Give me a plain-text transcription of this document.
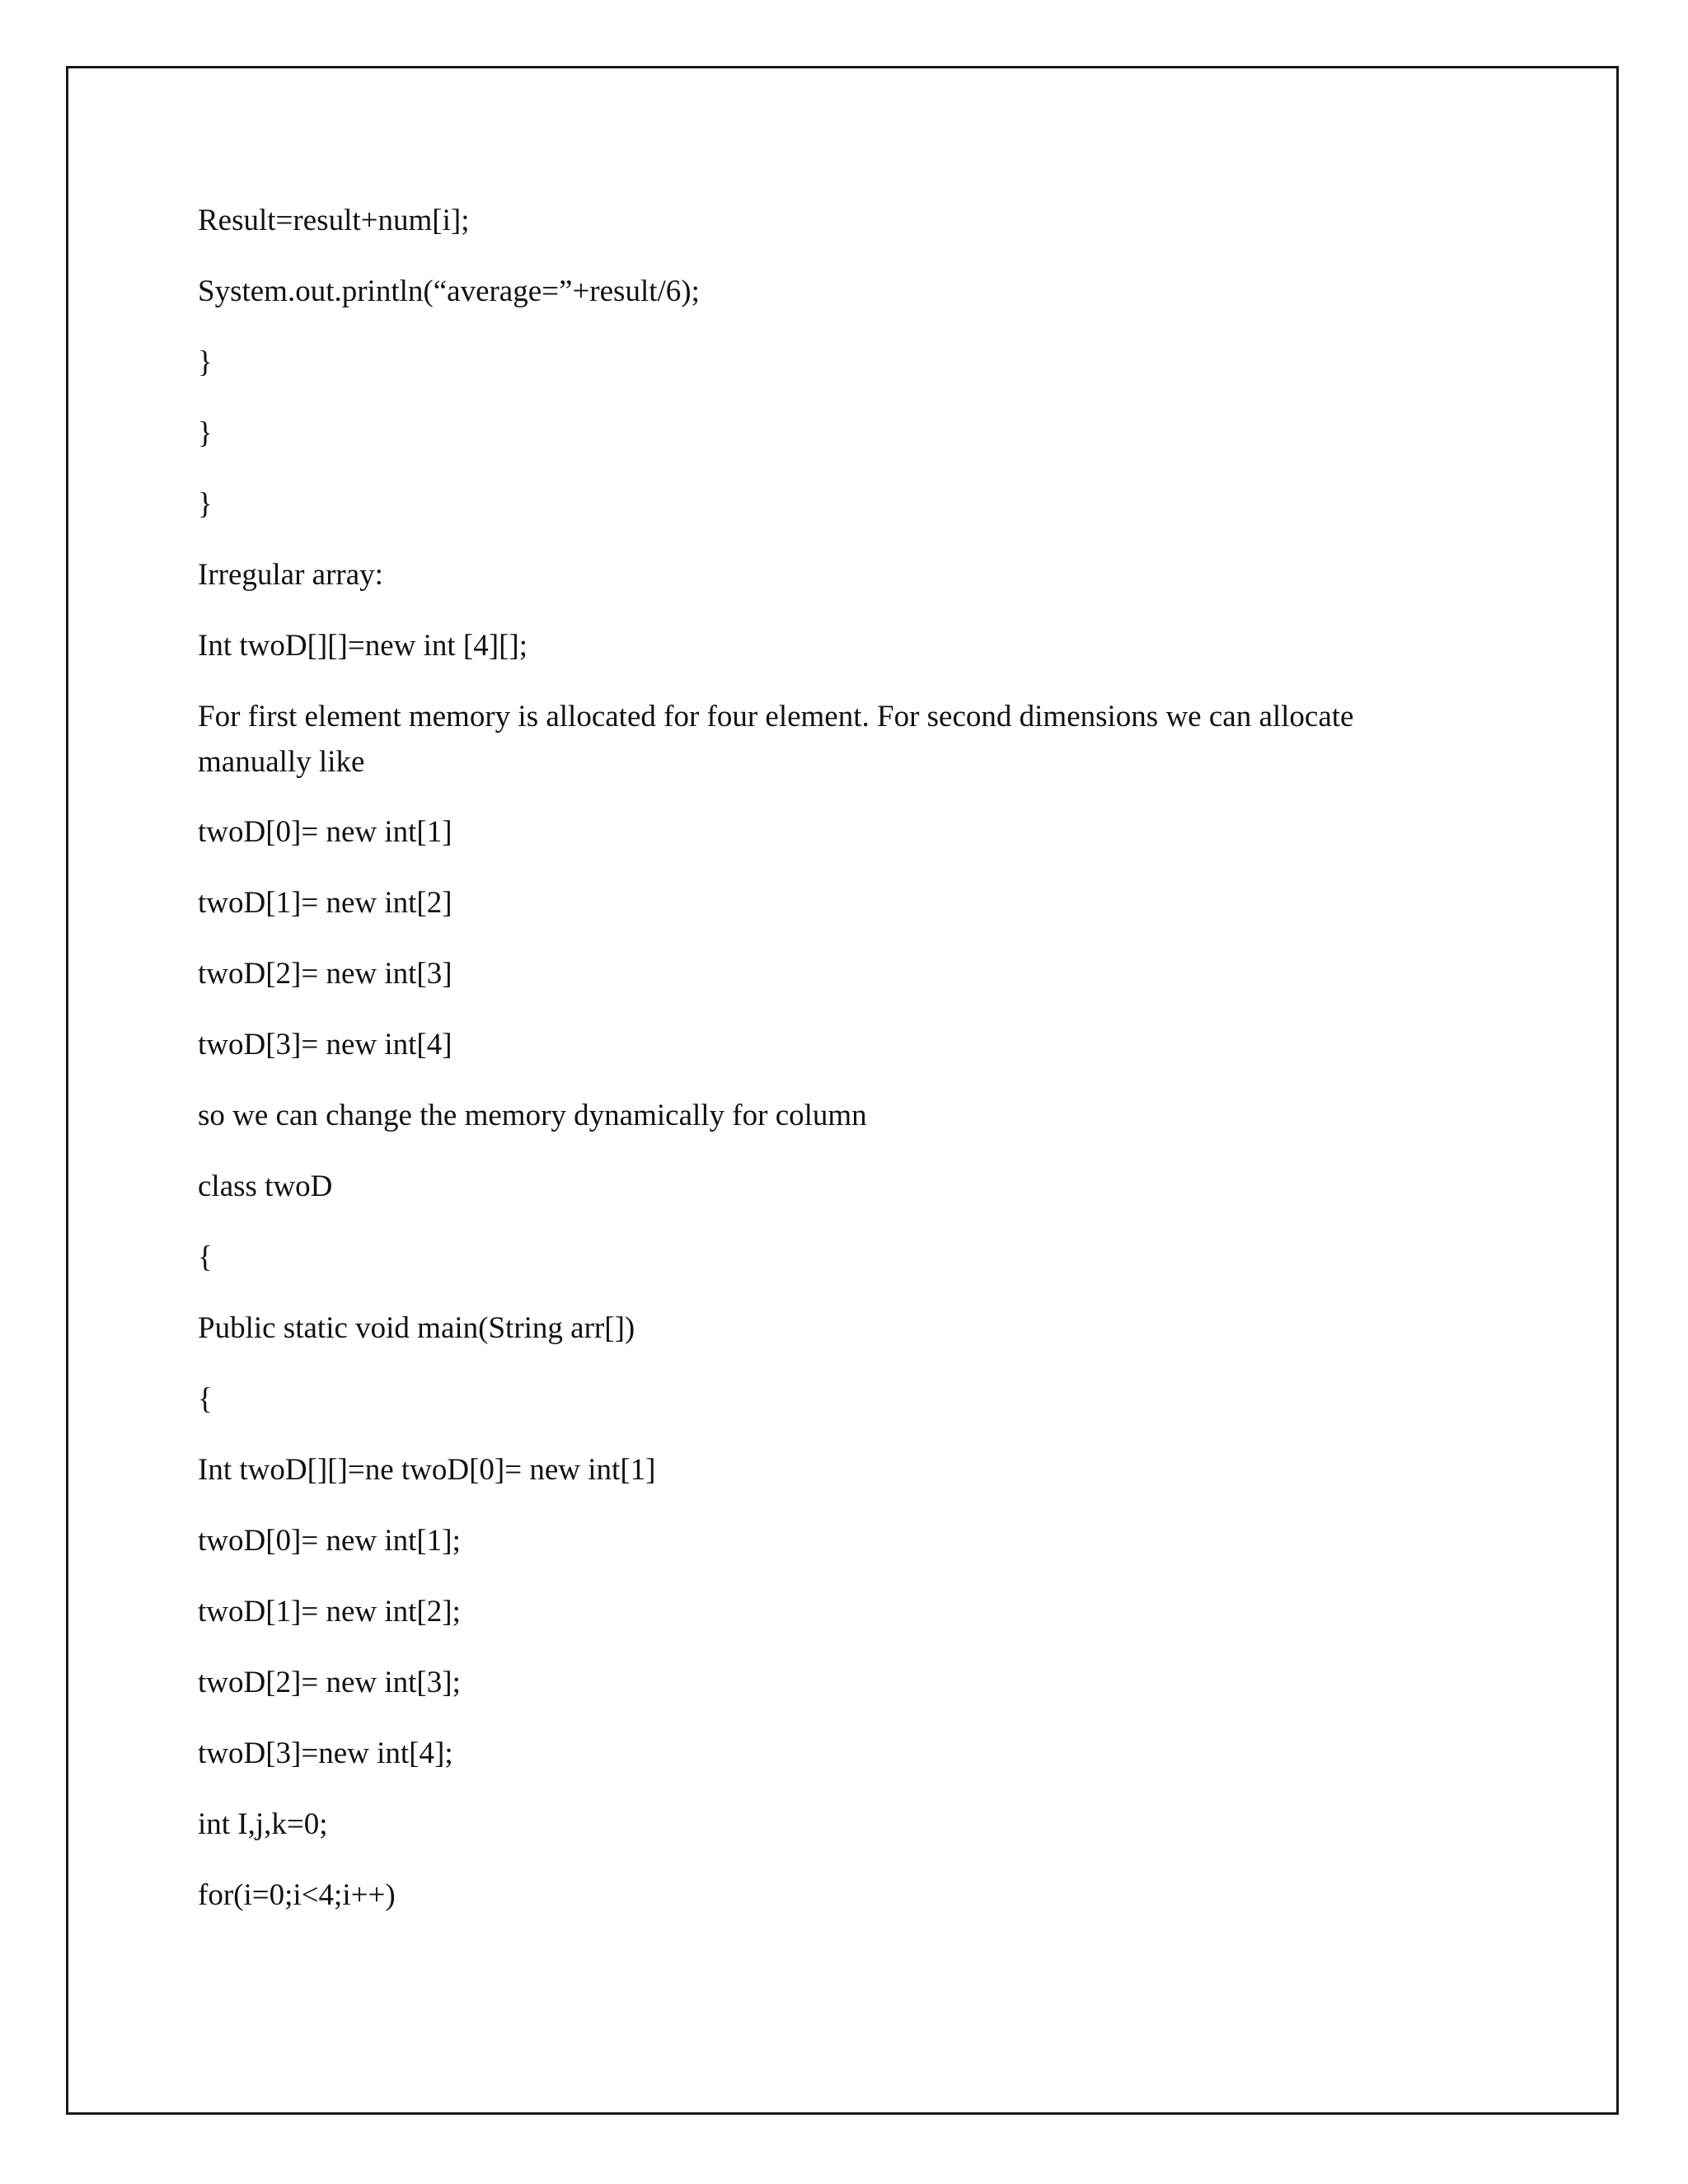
Result=result+num[i];
System.out.println(“average=”+result/6);
}
}
}
Irregular array:
Int twoD[][]=new int [4][];
For first element memory is allocated for four element. For second dimensions we can allocate manually like
twoD[0]= new int[1]
twoD[1]= new int[2]
twoD[2]= new int[3]
twoD[3]= new int[4]
so we can change the memory dynamically for column
class twoD
{
Public static void main(String arr[])
{
Int twoD[][]=ne twoD[0]= new int[1]
twoD[0]= new int[1];
twoD[1]= new int[2];
twoD[2]= new int[3];
twoD[3]=new int[4];
int I,j,k=0;
for(i=0;i<4;i++)
